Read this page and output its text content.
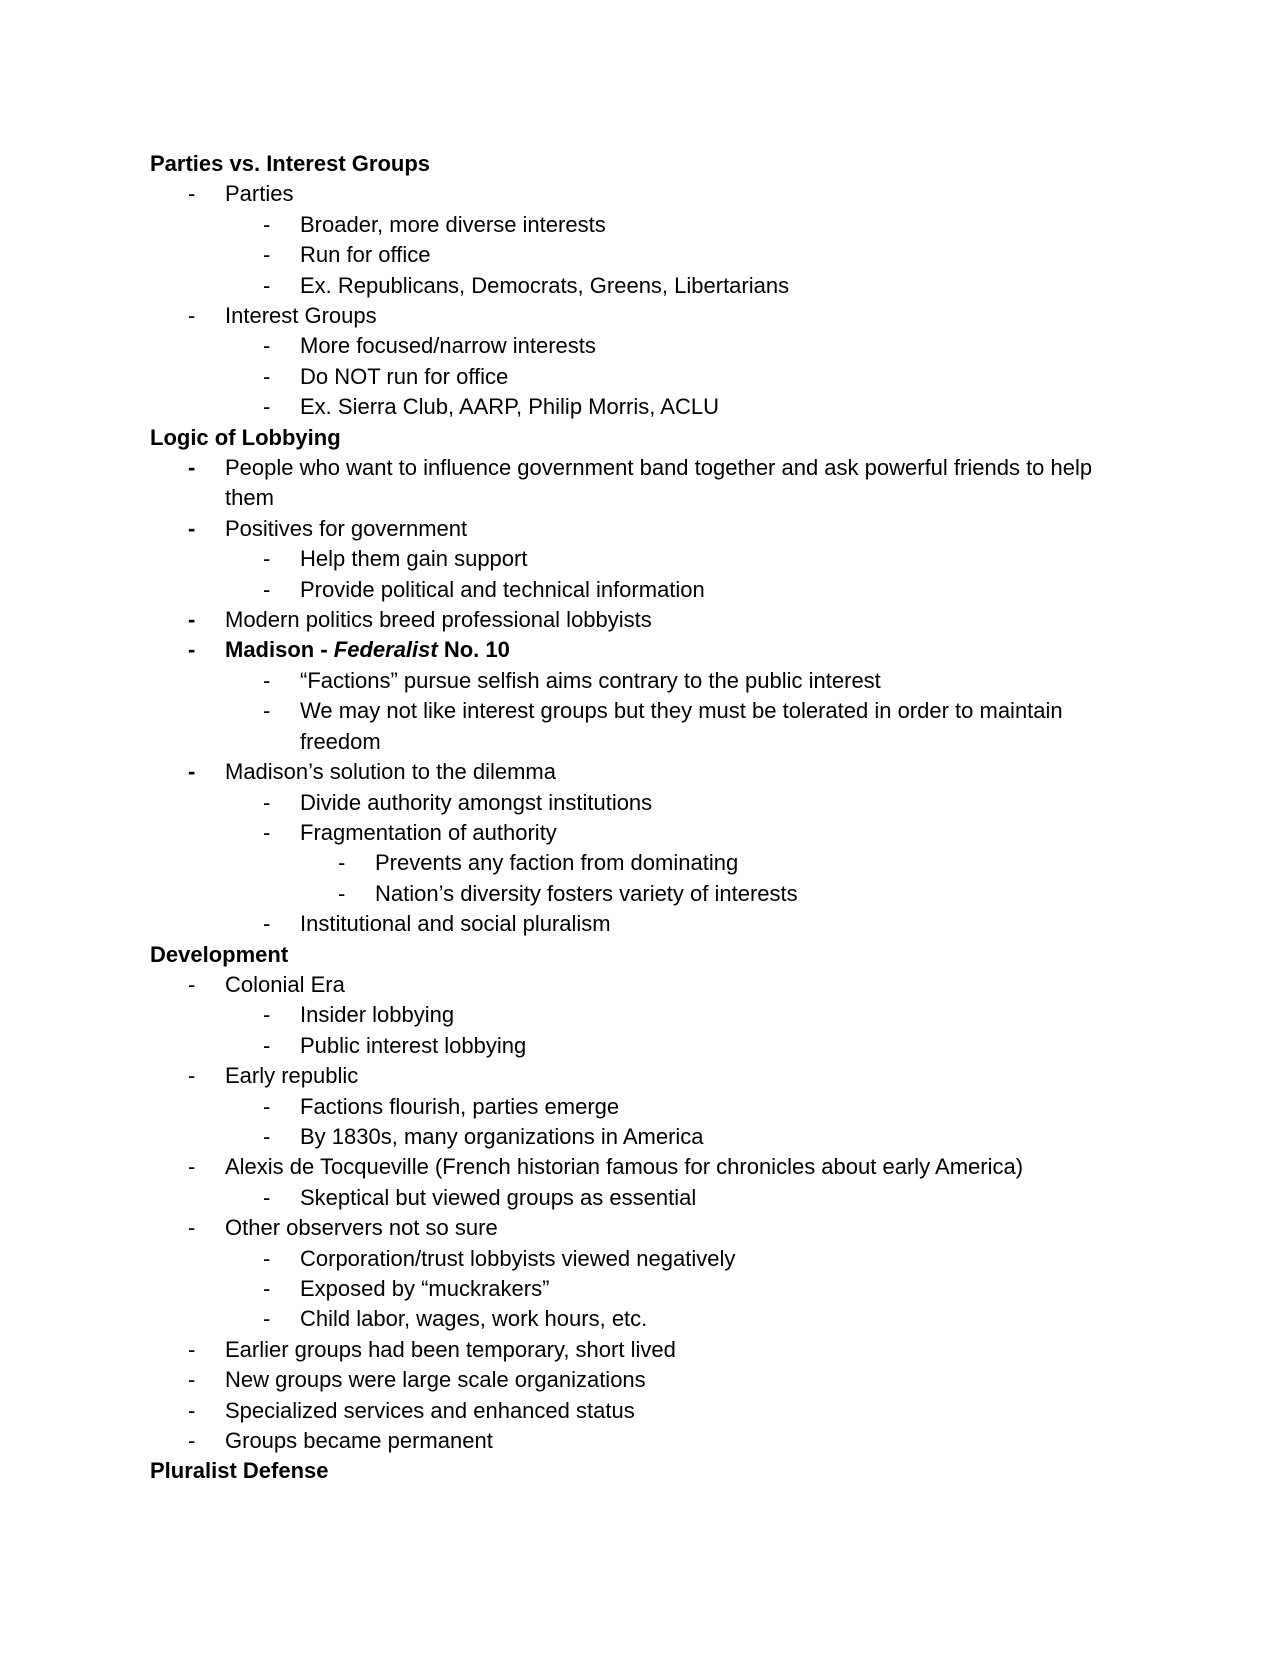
Parties vs. Interest Groups
- Parties
- Broader, more diverse interests
- Run for office
- Ex. Republicans, Democrats, Greens, Libertarians
- Interest Groups
- More focused/narrow interests
- Do NOT run for office
- Ex. Sierra Club, AARP, Philip Morris, ACLU
Logic of Lobbying
- People who want to influence government band together and ask powerful friends to help them
- Positives for government
- Help them gain support
- Provide political and technical information
- Modern politics breed professional lobbyists
- Madison - Federalist No. 10
- “Factions” pursue selfish aims contrary to the public interest
- We may not like interest groups but they must be tolerated in order to maintain freedom
- Madison’s solution to the dilemma
- Divide authority amongst institutions
- Fragmentation of authority
- Prevents any faction from dominating
- Nation’s diversity fosters variety of interests
- Institutional and social pluralism
Development
- Colonial Era
- Insider lobbying
- Public interest lobbying
- Early republic
- Factions flourish, parties emerge
- By 1830s, many organizations in America
- Alexis de Tocqueville (French historian famous for chronicles about early America)
- Skeptical but viewed groups as essential
- Other observers not so sure
- Corporation/trust lobbyists viewed negatively
- Exposed by “muckrakers”
- Child labor, wages, work hours, etc.
- Earlier groups had been temporary, short lived
- New groups were large scale organizations
- Specialized services and enhanced status
- Groups became permanent
Pluralist Defense
